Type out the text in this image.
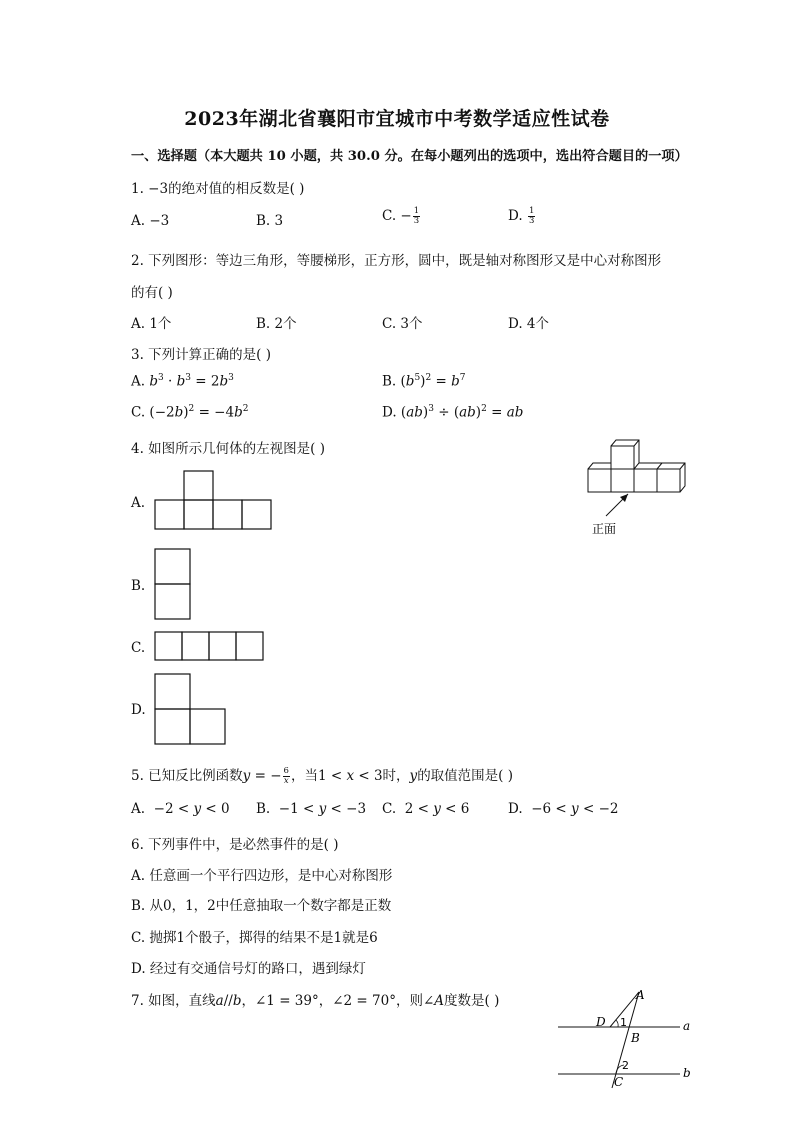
2023年湖北省襄阳市宜城市中考数学适应性试卷
一、选择题（本大题共 10 小题，共 30.0 分。在每小题列出的选项中，选出符合题目的一项）
1. −3的绝对值的相反数是( )
A. −3	B. 3	C. − $\frac{1}{3}$	D. $\frac{1}{3}$
2. 下列图形：等边三角形，等腰梯形，正方形，圆中，既是轴对称图形又是中心对称图形
的有( )
A. 1个	B. 2个	C. 3个	D. 4个
3. 下列计算正确的是( )
A. $b^3 \cdot b^3 = 2b^3$	B. $(b^5)^2 = b^7$
C. $(-2b)^2 = -4b^2$	D. (ab)$^3$ ÷ (ab)$^2$ = ab
4. 如图所示几何体的左视图是( )
正面
A.
B.
C.
D.
5. 已知反比例函数y = − $\frac{6}{x}$ ，当1 < x < 3时，y的取值范围是( )
A.  −2 < y < 0 B.  −1 < y < −3 C.  2 < y < 6	D.  −6 < y < −2
6. 下列事件中，是必然事件的是( )
A. 任意画一个平行四边形，是中心对称图形
B. 从0，1，2中任意抽取一个数字都是正数
C. 抛掷1个骰子，掷得的结果不是1就是6
D. 经过有交通信号灯的路口，遇到绿灯
7. 如图，直线a//b，∠1 = 39°，∠2 = 70°，则∠A度数是( )	A
D 1
B
2
C
a
b
